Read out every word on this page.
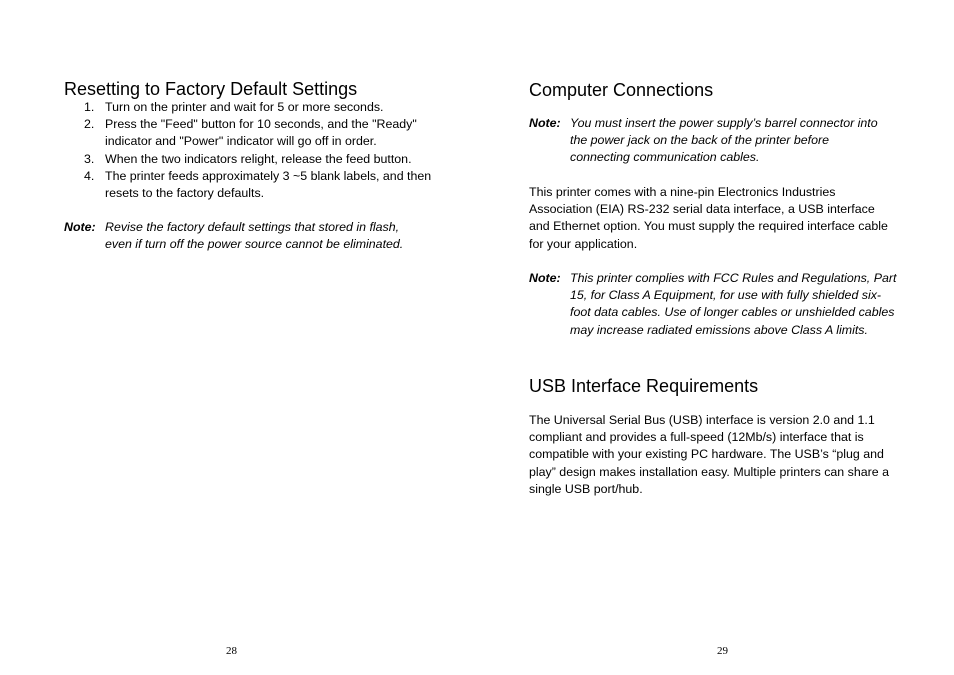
Resetting to Factory Default Settings
1. Turn on the printer and wait for 5 or more seconds.
2. Press the "Feed" button for 10 seconds, and the "Ready" indicator and "Power" indicator will go off in order.
3. When the two indicators relight, release the feed button.
4. The printer feeds approximately 3 ~5 blank labels, and then resets to the factory defaults.
Note: Revise the factory default settings that stored in flash, even if turn off the power source cannot be eliminated.
28
Computer Connections
Note: You must insert the power supply’s barrel connector into the power jack on the back of the printer before connecting communication cables.
This printer comes with a nine-pin Electronics Industries Association (EIA) RS-232 serial data interface, a USB interface and Ethernet option. You must supply the required interface cable for your application.
Note: This printer complies with FCC Rules and Regulations, Part 15, for Class A Equipment, for use with fully shielded six-foot data cables. Use of longer cables or unshielded cables may increase radiated emissions above Class A limits.
USB Interface Requirements
The Universal Serial Bus (USB) interface is version 2.0 and 1.1 compliant and provides a full-speed (12Mb/s) interface that is compatible with your existing PC hardware. The USB’s “plug and play” design makes installation easy. Multiple printers can share a single USB port/hub.
29
